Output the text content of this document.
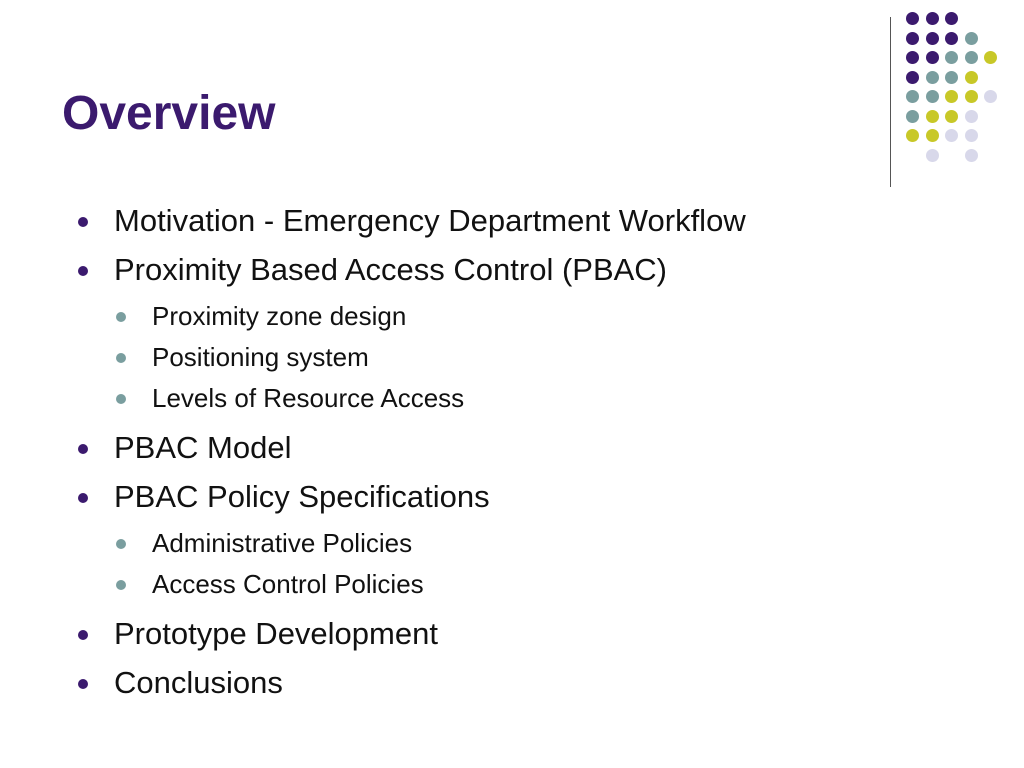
Overview
Motivation - Emergency Department Workflow
Proximity Based Access Control (PBAC)
Proximity zone design
Positioning system
Levels of Resource Access
PBAC Model
PBAC Policy Specifications
Administrative Policies
Access Control Policies
Prototype Development
Conclusions
